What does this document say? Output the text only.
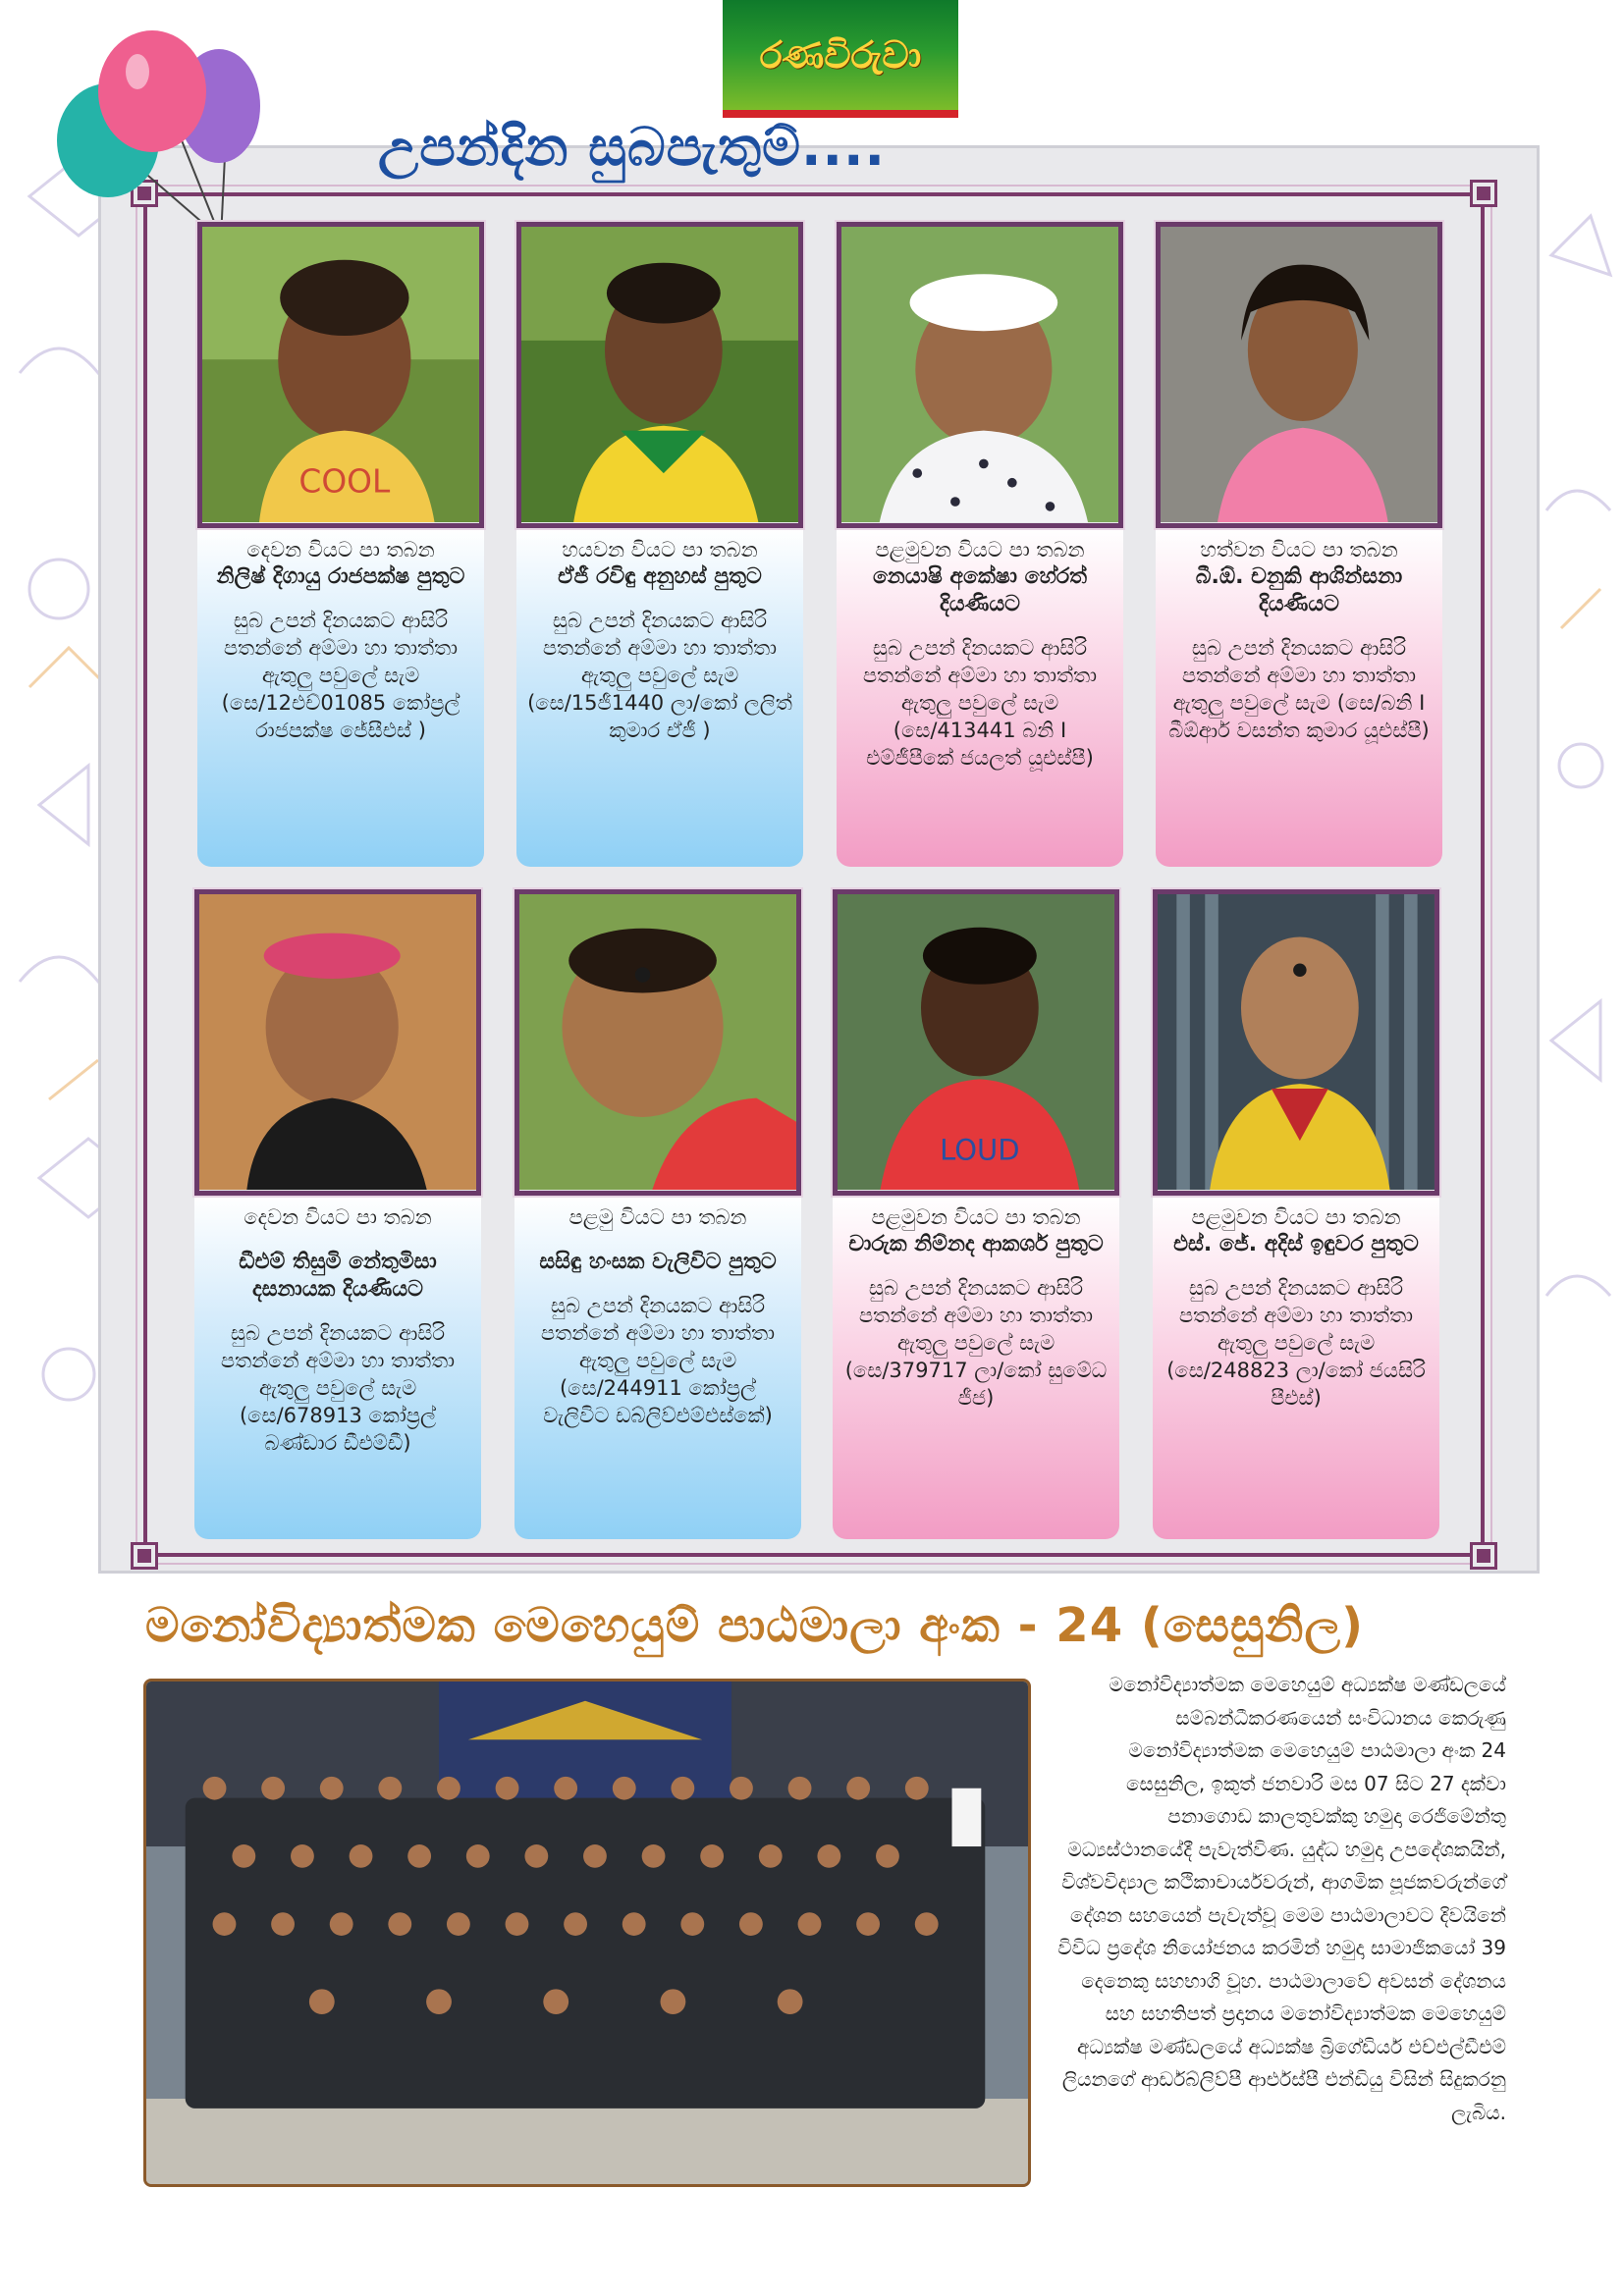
රණවිරුවා
උපන්දින සුබපැතුම්....
COOL
දෙවන වියට පා තබන
නිලිෂ් දිගායු රාජපක්ෂ පුතුට
සුබ උපන් දිනයකට ආසිරි පතන්නේ අම්මා හා තාත්තා ඇතුලු පවුලේ සැම (සෙ/12එච්01085 කෝප්‍රල් රාජපක්ෂ ජේසීඑස් )
හයවන වියට පා තබන
ඒජී රවිඳු අනුහස් පුතුට
සුබ උපන් දිනයකට ආසිරි පතන්නේ අම්මා හා තාත්තා ඇතුලු පවුලේ සැම (සෙ/15ජී1440 ලා/කෝ ලලිත් කුමාර ඒජී )
පළමුවන වියට පා තබන
නෙයාෂි අකේෂා හේරත් දියණියට
සුබ උපන් දිනයකට ආසිරි පතන්නේ අම්මා හා තාත්තා ඇතුලු පවුලේ සැම (සෙ/413441 බනි I එම්ජීපීකේ ජයලත් යූඑස්පී)
හත්වන වියට පා තබන
බී.ඕ. චනුකි ආශින්සනා දියණියට
සුබ උපන් දිනයකට ආසිරි පතන්නේ අම්මා හා තාත්තා ඇතුලු පවුලේ සැම (සෙ/බනි I බීඕආර් වසන්ත කුමාර යූඑස්පී)
දෙවන වියට පා තබන
ඩීඑම් තිසුමි නේතුමිසා දසනායක දියණියට
සුබ උපන් දිනයකට ආසිරි පතන්නේ අම්මා හා තාත්තා ඇතුලු පවුලේ සැම (සෙ/678913 කෝප්‍රල් බණ්ඩාර ඩීඑම්ඩී)
පළමු වියට පා තබන
සසිඳු හංසක වැලිවිට පුතුට
සුබ උපන් දිනයකට ආසිරි පතන්නේ අම්මා හා තාත්තා ඇතුලු පවුලේ සැම (සෙ/244911 කෝප්‍රල් වැලිවිට ඩබ්ලිව්එම්එස්කේ)
LOUD
පළමුවන වියට පා තබන
චාරුක නිම්නද ආකර්ශ පුතුට
සුබ උපන් දිනයකට ආසිරි පතන්නේ අම්මා හා තාත්තා ඇතුලු පවුලේ සැම (සෙ/379717 ලා/කෝ සුමේධ ජීජ)
පළමුවන වියට පා තබන
එස්. ජේ. අදිස් ඉඳුවර පුතුට
සුබ උපන් දිනයකට ආසිරි පතන්නේ අම්මා හා තාත්තා ඇතුලු පවුලේ සැම (සෙ/248823 ලා/කෝ ජයසිරි පීඑස්)
මනෝවිද්‍යාත්මක මෙහෙයුම් පාඨමාලා අංක - 24 (සෙසුනිල)
මනෝවිද්‍යාත්මක මෙහෙයුම් අධ්‍යක්ෂ මණ්ඩලයේ සම්බන්ධීකරණයෙන් සංවිධානය කෙරුණු මනෝවිද්‍යාත්මක මෙහෙයුම් පාඨමාලා අංක 24 සෙසුනිල, ඉකුත් ජනවාරි මස 07 සිට 27 දක්වා පනාගොඩ කාලතුවක්කු හමුදා රෙජිමේන්තු මධ්‍යස්ථානයේදී පැවැත්විණ. යුද්ධ හමුදා උපදේශකයින්, විශ්වවිද්‍යාල කථිකාචාර්යවරුන්, ආගමික පූජකවරුන්ගේ දේශන සහයෙන් පැවැත්වූ මෙම පාඨමාලාවට දිවයිනේ විවිධ ප්‍රදේශ නියෝජනය කරමින් හමුදා සාමාජිකයෝ 39 දෙනෙකු සහභාගි වූහ. පාඨමාලාවේ අවසන් දේශනය සහ සහතිපත් ප්‍රදානය මනෝවිද්‍යාත්මක මෙහෙයුම් අධ්‍යක්ෂ මණ්ඩලයේ අධ්‍යක්ෂ බ්‍රිගේඩියර් එච්එල්ඩීඑම් ලියනගේ ආර්ඩබ්ලිව්පී ආර්එස්පී එන්ඩියු විසින් සිදුකරනු ලැබිය.
